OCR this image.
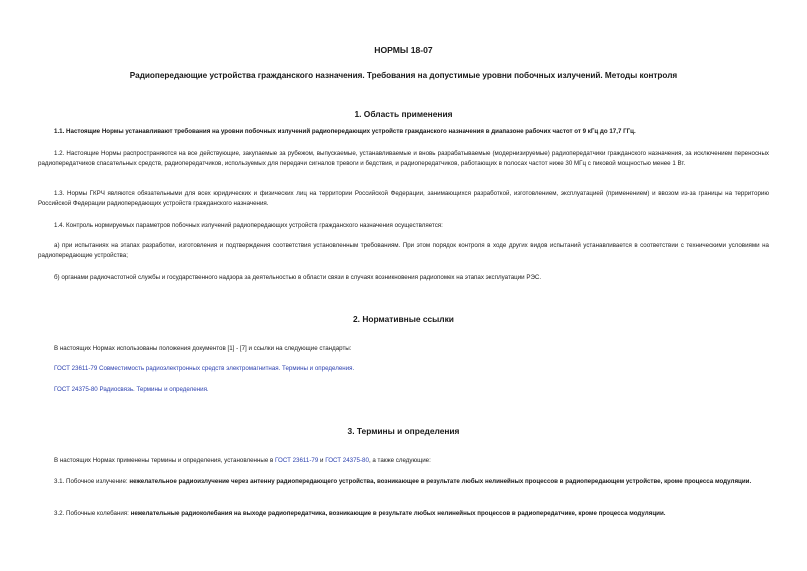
НОРМЫ 18-07
Радиопередающие устройства гражданского назначения. Требования на допустимые уровни побочных излучений. Методы контроля
1. Область применения
1.1. Настоящие Нормы устанавливают требования на уровни побочных излучений радиопередающих устройств гражданского назначения в диапазоне рабочих частот от 9 кГц до 17,7 ГГц.
1.2. Настоящие Нормы распространяются на все действующие, закупаемые за рубежом, выпускаемые, устанавливаемые и вновь разрабатываемые (модернизируемые) радиопередатчики гражданского назначения, за исключением переносных радиопередатчиков спасательных средств, радиопередатчиков, используемых для передачи сигналов тревоги и бедствия, и радиопередатчиков, работающих в полосах частот ниже 30 МГц с пиковой мощностью менее 1 Вт.
1.3. Нормы ГКРЧ являются обязательными для всех юридических и физических лиц на территории Российской Федерации, занимающихся разработкой, изготовлением, эксплуатацией (применением) и ввозом из-за границы на территорию Российской Федерации радиопередающих устройств гражданского назначения.
1.4. Контроль нормируемых параметров побочных излучений радиопередающих устройств гражданского назначения осуществляется:
а) при испытаниях на этапах разработки, изготовления и подтверждения соответствия установленным требованиям. При этом порядок контроля в ходе других видов испытаний устанавливается в соответствии с техническими условиями на радиопередающие устройства;
б) органами радиочастотной службы и государственного надзора за деятельностью в области связи в случаях возникновения радиопомех на этапах эксплуатации РЭС.
2. Нормативные ссылки
В настоящих Нормах использованы положения документов [1] - [7] и ссылки на следующие стандарты:
ГОСТ 23611-79 Совместимость радиоэлектронных средств электромагнитная. Термины и определения.
ГОСТ 24375-80 Радиосвязь. Термины и определения.
3. Термины и определения
В настоящих Нормах применены термины и определения, установленные в ГОСТ 23611-79 и ГОСТ 24375-80, а также следующие:
3.1. Побочное излучение: нежелательное радиоизлучение через антенну радиопередающего устройства, возникающее в результате любых нелинейных процессов в радиопередающем устройстве, кроме процесса модуляции.
3.2. Побочные колебания: нежелательные радиоколебания на выходе радиопередатчика, возникающие в результате любых нелинейных процессов в радиопередатчике, кроме процесса модуляции.
